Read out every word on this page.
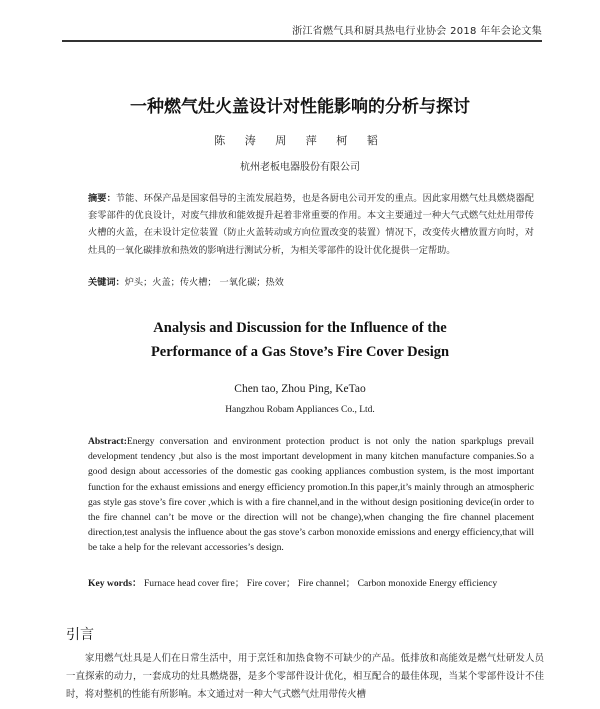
浙江省燃气具和厨具热电行业协会 2018 年年会论文集
一种燃气灶火盖设计对性能影响的分析与探讨
陈 涛 周 萍 柯 韬
杭州老板电器股份有限公司
摘要：节能、环保产品是国家倡导的主流发展趋势，也是各厨电公司开发的重点。因此家用燃气灶具燃烧器配套零部件的优良设计，对废气排放和能效提升起着非常重要的作用。本文主要通过一种大气式燃气灶灶用带传火槽的火盖，在未设计定位装置（防止火盖转动或方向位置改变的装置）情况下，改变传火槽放置方向时，对灶具的一氧化碳排放和热效的影响进行测试分析，为相关零部件的设计优化提供一定帮助。
关键词：炉头；火盖；传火槽； 一氧化碳；热效
Analysis and Discussion for the Influence of the
Performance of a Gas Stove’s Fire Cover Design
Chen tao, Zhou Ping, KeTao
Hangzhou Robam Appliances Co., Ltd.
Abstract:Energy conversation and environment protection product is not only the nation sparkplugs prevail development tendency ,but also is the most important development in many kitchen manufacture companies.So a good design about accessories of the domestic gas cooking appliances combustion system, is the most important function for the exhaust emissions and energy efficiency promotion.In this paper,it’s mainly through an atmospheric gas style gas stove’s fire cover ,which is with a fire channel,and in the without design positioning device(in order to the fire channel can’t be move or the direction will not be change),when changing the fire channel placement direction,test analysis the influence about the gas stove’s carbon monoxide emissions and energy efficiency,that will be take a help for the relevant accessories’s design.
Key words： Furnace head cover fire； Fire cover； Fire channel； Carbon monoxide Energy efficiency
引言
家用燃气灶具是人们在日常生活中，用于烹饪和加热食物不可缺少的产品。低排放和高能效是燃气灶研发人员一直探索的动力，一套成功的灶具燃烧器，是多个零部件设计优化，相互配合的最佳体现，当某个零部件设计不佳时，将对整机的性能有所影响。本文通过对一种大气式燃气灶用带传火槽
